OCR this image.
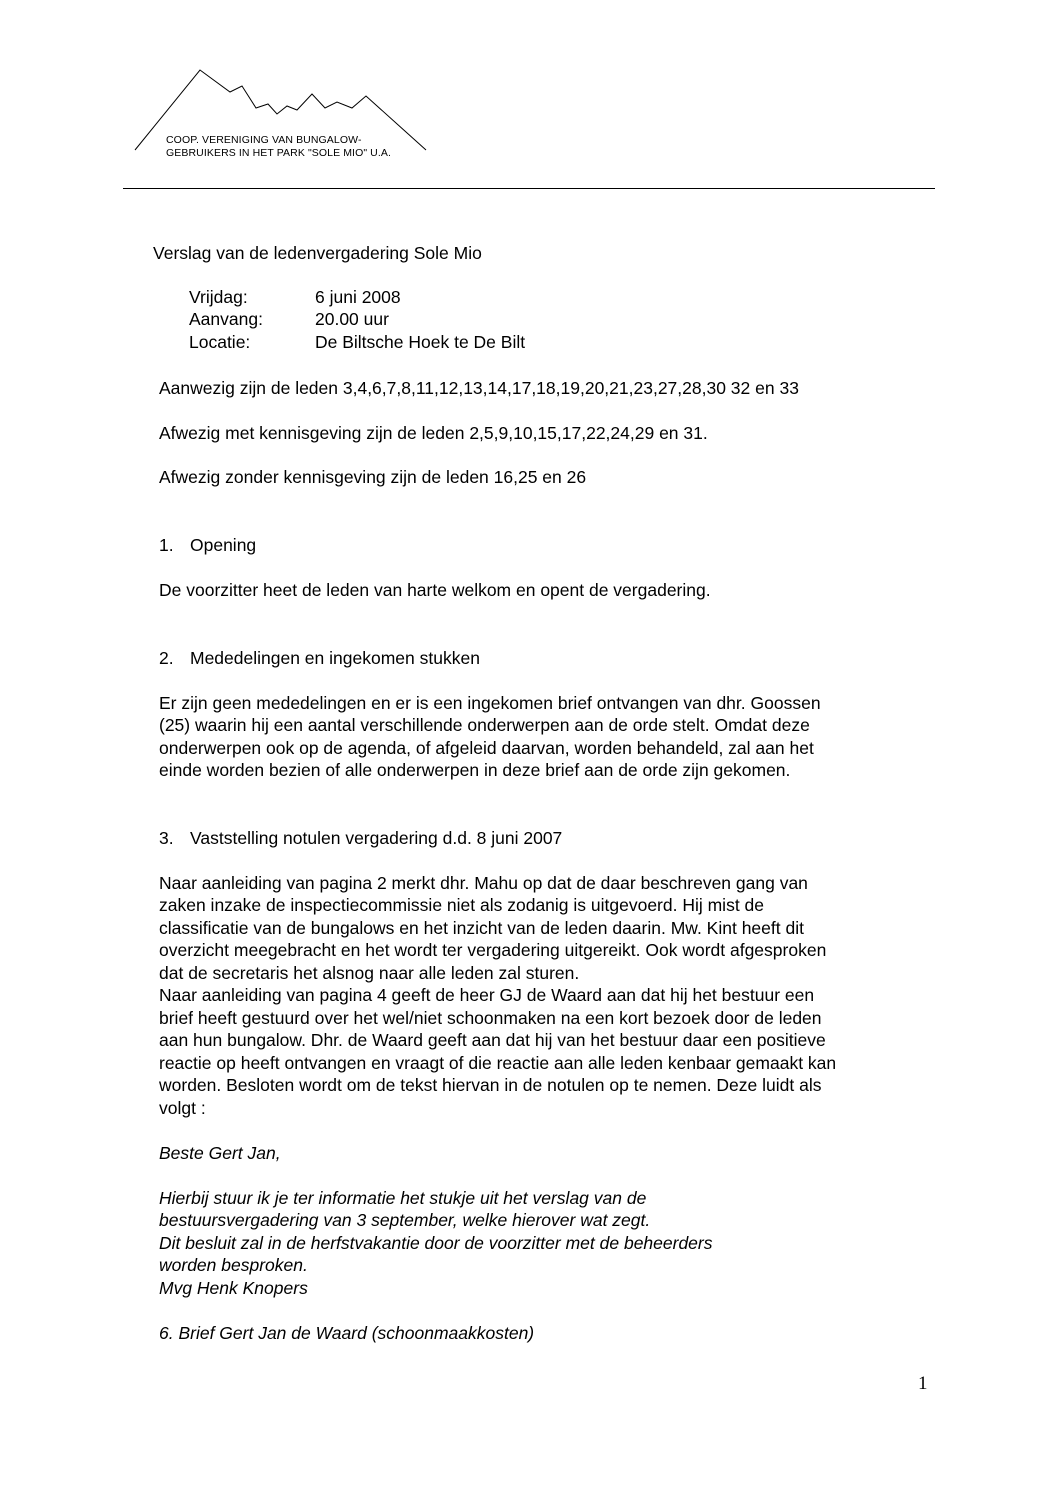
COOP. VERENIGING VAN BUNGALOW-
GEBRUIKERS IN HET PARK "SOLE MIO" U.A.
Verslag van de ledenvergadering Sole Mio
Vrijdag:	6 juni 2008
Aanvang:	20.00 uur
Locatie:	De Biltsche Hoek te De Bilt
Aanwezig zijn de leden 3,4,6,7,8,11,12,13,14,17,18,19,20,21,23,27,28,30 32 en 33
Afwezig met kennisgeving zijn de leden 2,5,9,10,15,17,22,24,29 en 31.
Afwezig zonder kennisgeving zijn de leden 16,25 en 26
1. Opening
De voorzitter heet de leden van harte welkom en opent de vergadering.
2. Mededelingen en ingekomen stukken
Er zijn geen mededelingen en er is een ingekomen brief ontvangen van dhr. Goossen
(25) waarin hij een aantal verschillende onderwerpen aan de orde stelt. Omdat deze
onderwerpen ook op de agenda, of afgeleid daarvan, worden behandeld, zal aan het
einde worden bezien of alle onderwerpen in deze brief aan de orde zijn gekomen.
3. Vaststelling notulen vergadering d.d. 8 juni 2007
Naar aanleiding van pagina 2 merkt dhr. Mahu op dat de daar beschreven gang van
zaken inzake de inspectiecommissie niet als zodanig is uitgevoerd. Hij mist de
classificatie van de bungalows en het inzicht van de leden daarin. Mw. Kint heeft dit
overzicht meegebracht en het wordt ter vergadering uitgereikt. Ook wordt afgesproken
dat de secretaris het alsnog naar alle leden zal sturen.
Naar aanleiding van pagina 4 geeft de heer GJ de Waard aan dat hij het bestuur een
brief heeft gestuurd over het wel/niet schoonmaken na een kort bezoek door de leden
aan hun bungalow. Dhr. de Waard geeft aan dat hij van het bestuur daar een positieve
reactie op heeft ontvangen en vraagt of die reactie aan alle leden kenbaar gemaakt kan
worden. Besloten wordt om de tekst hiervan in de notulen op te nemen. Deze luidt als
volgt :
Beste Gert Jan,
Hierbij stuur ik je ter informatie het stukje uit het verslag van de
bestuursvergadering van 3 september, welke hierover wat zegt.
Dit besluit zal in de herfstvakantie door de voorzitter met de beheerders
worden besproken.
Mvg Henk Knopers
6. Brief Gert Jan de Waard (schoonmaakkosten)
1
